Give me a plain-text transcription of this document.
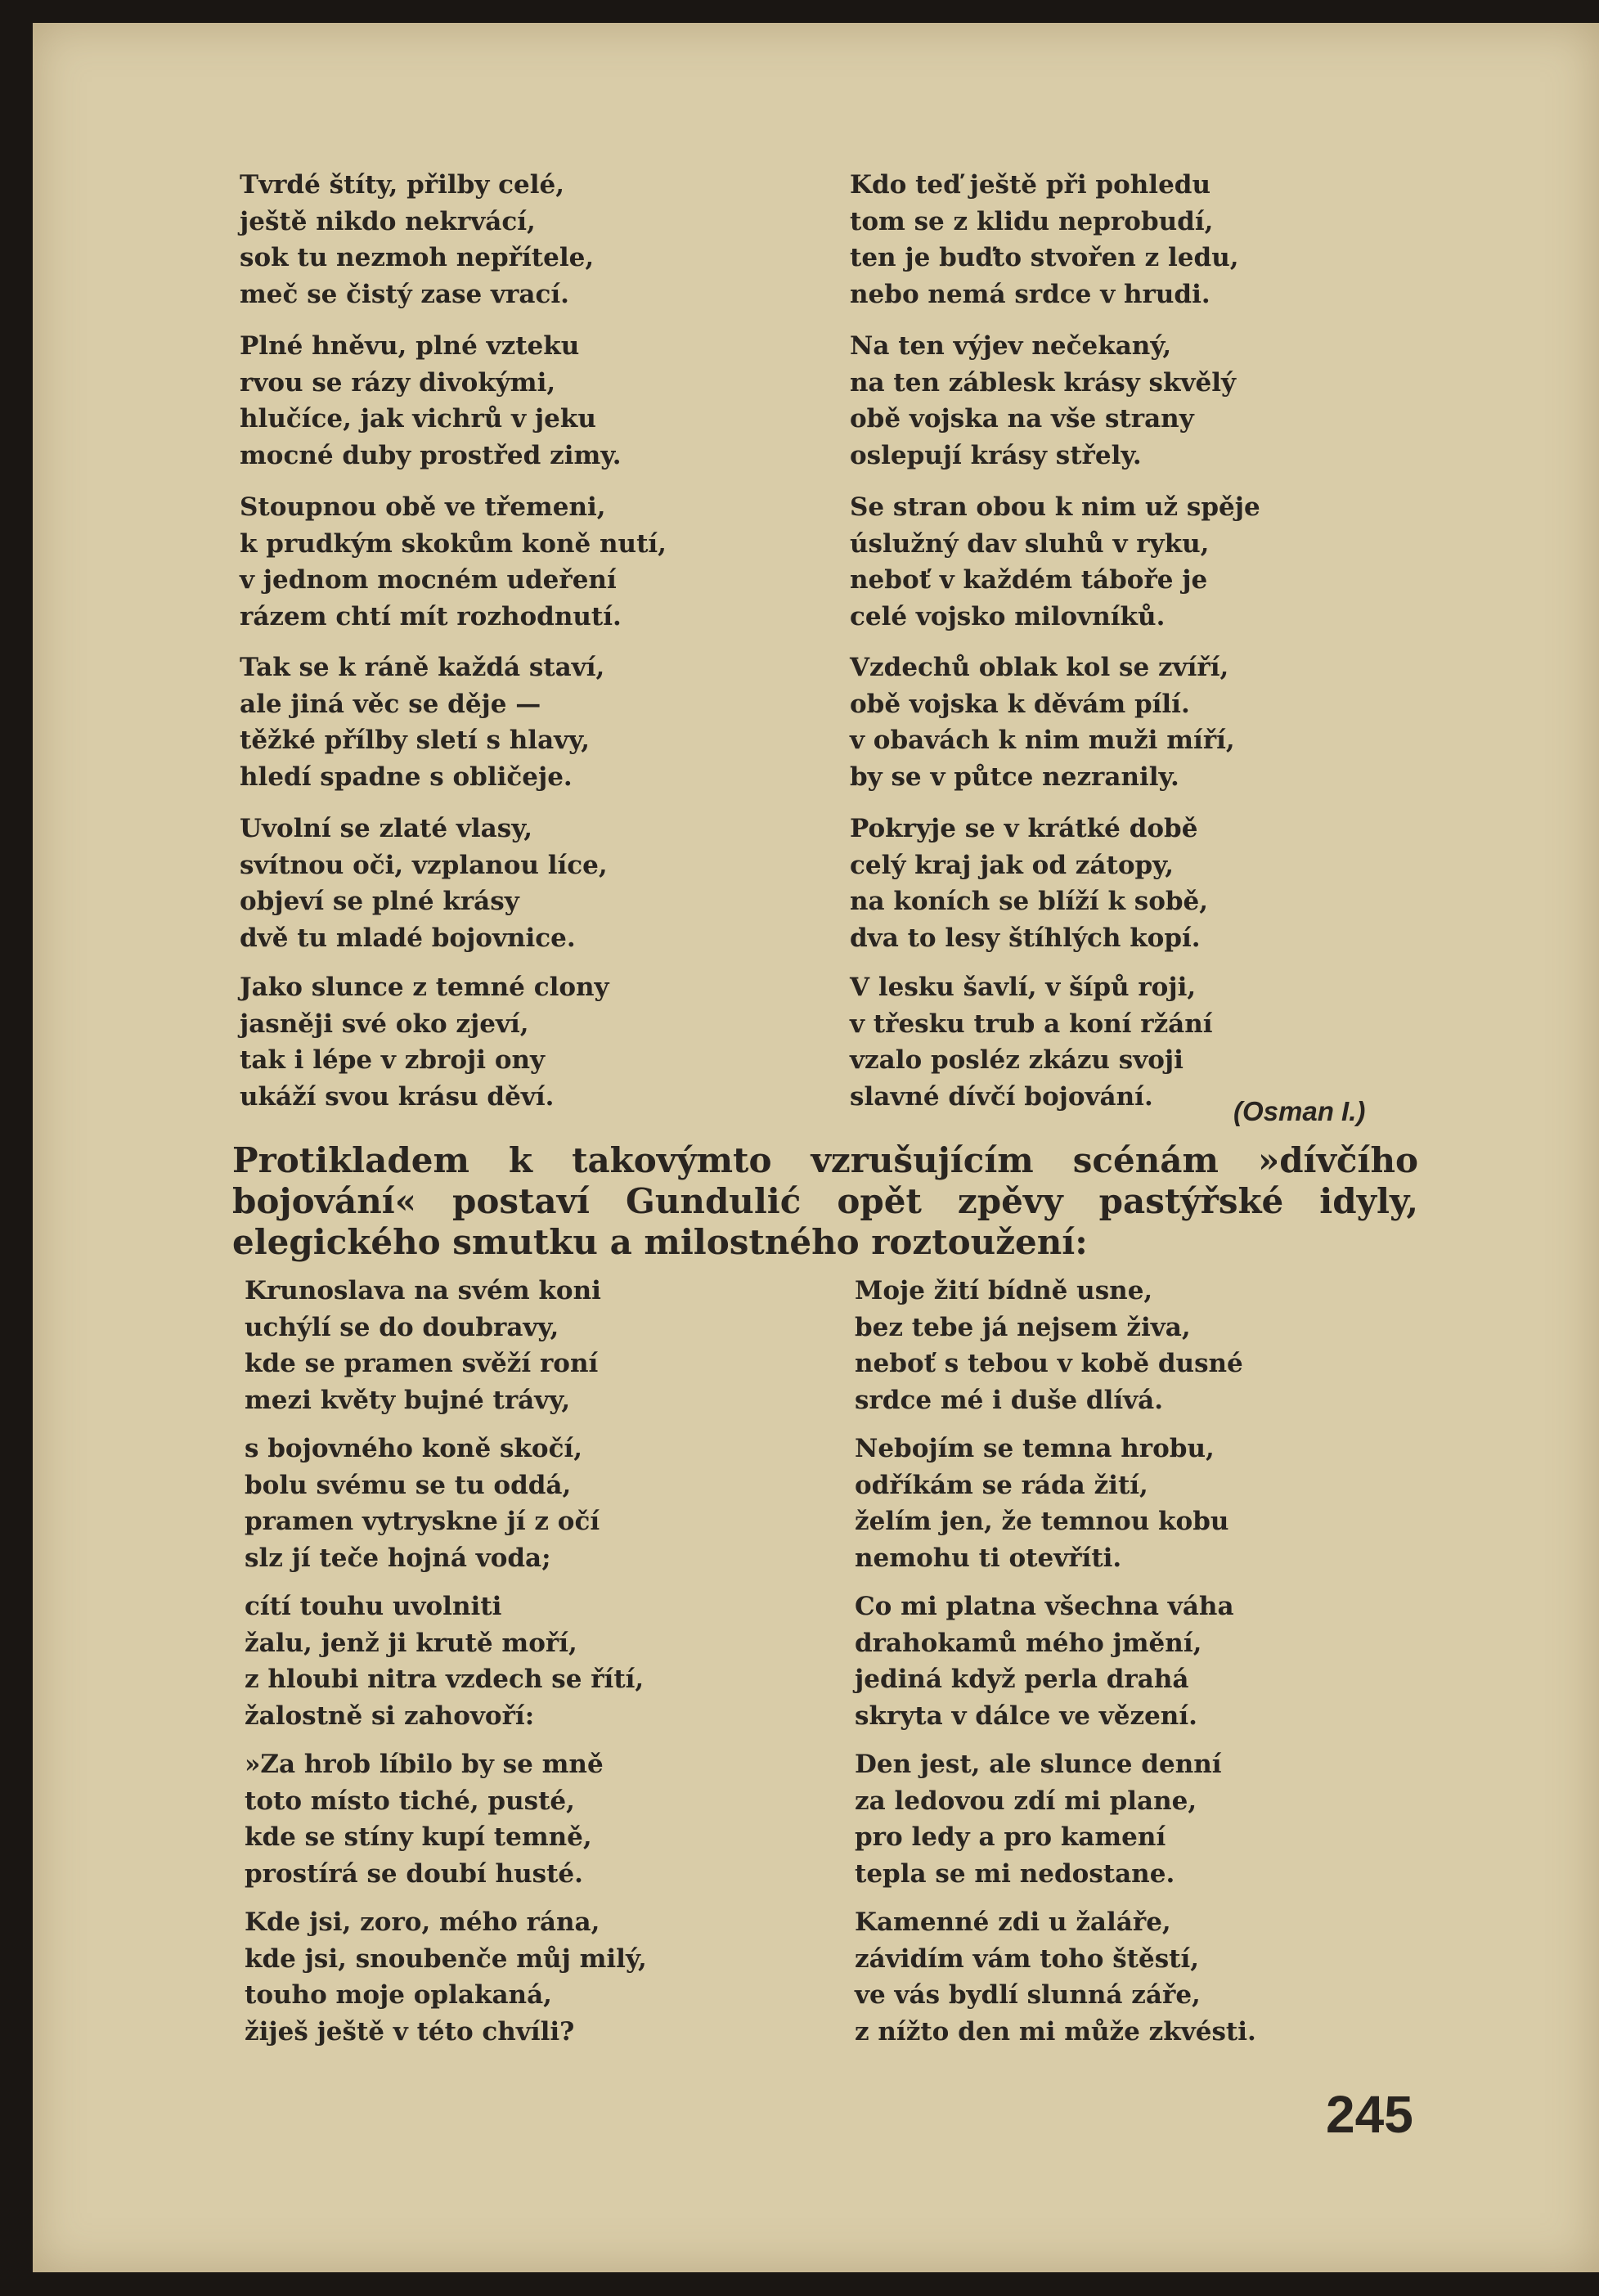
Tvrdé štíty, přilby celé,
ještě nikdo nekrvácí,
sok tu nezmoh nepřítele,
meč se čistý zase vrací.

Plné hněvu, plné vzteku
rvou se rázy divokými,
hlučíce, jak vichrů v jeku
mocné duby prostřed zimy.

Stoupnou obě ve třemeni,
k prudkým skokům koně nutí,
v jednom mocném udeření
rázem chtí mít rozhodnutí.

Tak se k ráně každá staví,
ale jiná věc se děje —
těžké přílby sletí s hlavy,
hledí spadne s obličeje.

Uvolní se zlaté vlasy,
svítnou oči, vzplanou líce,
objeví se plné krásy
dvě tu mladé bojovnice.

Jako slunce z temné clony
jasněji své oko zjeví,
tak i lépe v zbroji ony
ukáží svou krásu děví.

Kdo teď ještě při pohledu
tom se z klidu neprobudí,
ten je buďto stvořen z ledu,
nebo nemá srdce v hrudi.

Na ten výjev nečekaný,
na ten záblesk krásy skvělý
obě vojska na vše strany
oslepují krásy střely.

Se stran obou k nim už spěje
úslužný dav sluhů v ryku,
neboť v každém táboře je
celé vojsko milovníků.

Vzdechů oblak kol se zvíří,
obě vojska k děvám pílí.
v obavách k nim muži míří,
by se v půtce nezranily.

Pokryje se v krátké době
celý kraj jak od zátopy,
na koních se blíží k sobě,
dva to lesy štíhlých kopí.

V lesku šavlí, v šípů roji,
v třesku trub a koní ržání
vzalo posléz zkázu svoji
slavné dívčí bojování.	(Osman I.)

Protikladem k takovýmto vzrušujícím scénám »dívčího bojování« postaví Gundulić opět zpěvy pastýřské idyly, elegického smutku a milostného roztoužení:

Krunoslava na svém koni
uchýlí se do doubravy,
kde se pramen svěží roní
mezi květy bujné trávy,

s bojovného koně skočí,
bolu svému se tu oddá,
pramen vytryskne jí z očí
slz jí teče hojná voda;

cítí touhu uvolniti
žalu, jenž ji krutě moří,
z hloubi nitra vzdech se řítí,
žalostně si zahovoří:

»Za hrob líbilo by se mně
toto místo tiché, pusté,
kde se stíny kupí temně,
prostírá se doubí husté.

Kde jsi, zoro, mého rána,
kde jsi, snoubenče můj milý,
touho moje oplakaná,
žiješ ještě v této chvíli?

Moje žití bídně usne,
bez tebe já nejsem živa,
neboť s tebou v kobě dusné
srdce mé i duše dlívá.

Nebojím se temna hrobu,
odříkám se ráda žití,
želím jen, že temnou kobu
nemohu ti otevříti.

Co mi platna všechna váha
drahokamů mého jmění,
jediná když perla drahá
skryta v dálce ve vězení.

Den jest, ale slunce denní
za ledovou zdí mi plane,
pro ledy a pro kamení
tepla se mi nedostane.

Kamenné zdi u žaláře,
závidím vám toho štěstí,
ve vás bydlí slunná záře,
z nížto den mi může zkvésti.

245
